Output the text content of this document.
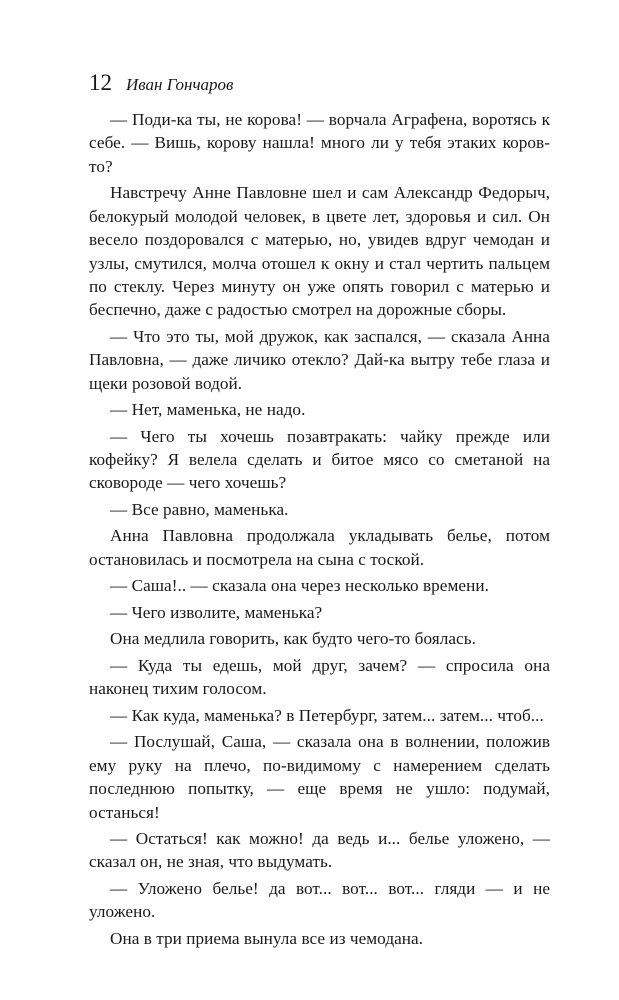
12 Иван Гончаров

— Поди-ка ты, не корова! — ворчала Аграфена, воротясь к себе. — Вишь, корову нашла! много ли у тебя этаких коров-то?

Навстречу Анне Павловне шел и сам Александр Федорыч, белокурый молодой человек, в цвете лет, здоровья и сил. Он весело поздоровался с матерью, но, увидев вдруг чемодан и узлы, смутился, молча отошел к окну и стал чертить пальцем по стеклу. Через минуту он уже опять говорил с матерью и беспечно, даже с радостью смотрел на дорожные сборы.

— Что это ты, мой дружок, как заспался, — сказала Анна Павловна, — даже личико отекло? Дай-ка вытру тебе глаза и щеки розовой водой.

— Нет, маменька, не надо.

— Чего ты хочешь позавтракать: чайку прежде или кофейку? Я велела сделать и битое мясо со сметаной на сковороде — чего хочешь?

— Все равно, маменька.

Анна Павловна продолжала укладывать белье, потом остановилась и посмотрела на сына с тоской.

— Саша!.. — сказала она через несколько времени.

— Чего изволите, маменька?

Она медлила говорить, как будто чего-то боялась.

— Куда ты едешь, мой друг, зачем? — спросила она наконец тихим голосом.

— Как куда, маменька? в Петербург, затем... затем... чтоб...

— Послушай, Саша, — сказала она в волнении, положив ему руку на плечо, по-видимому с намерением сделать последнюю попытку, — еще время не ушло: подумай, останься!

— Остаться! как можно! да ведь и... белье уложено, — сказал он, не зная, что выдумать.

— Уложено белье! да вот... вот... вот... гляди — и не уложено.

Она в три приема вынула все из чемодана.
